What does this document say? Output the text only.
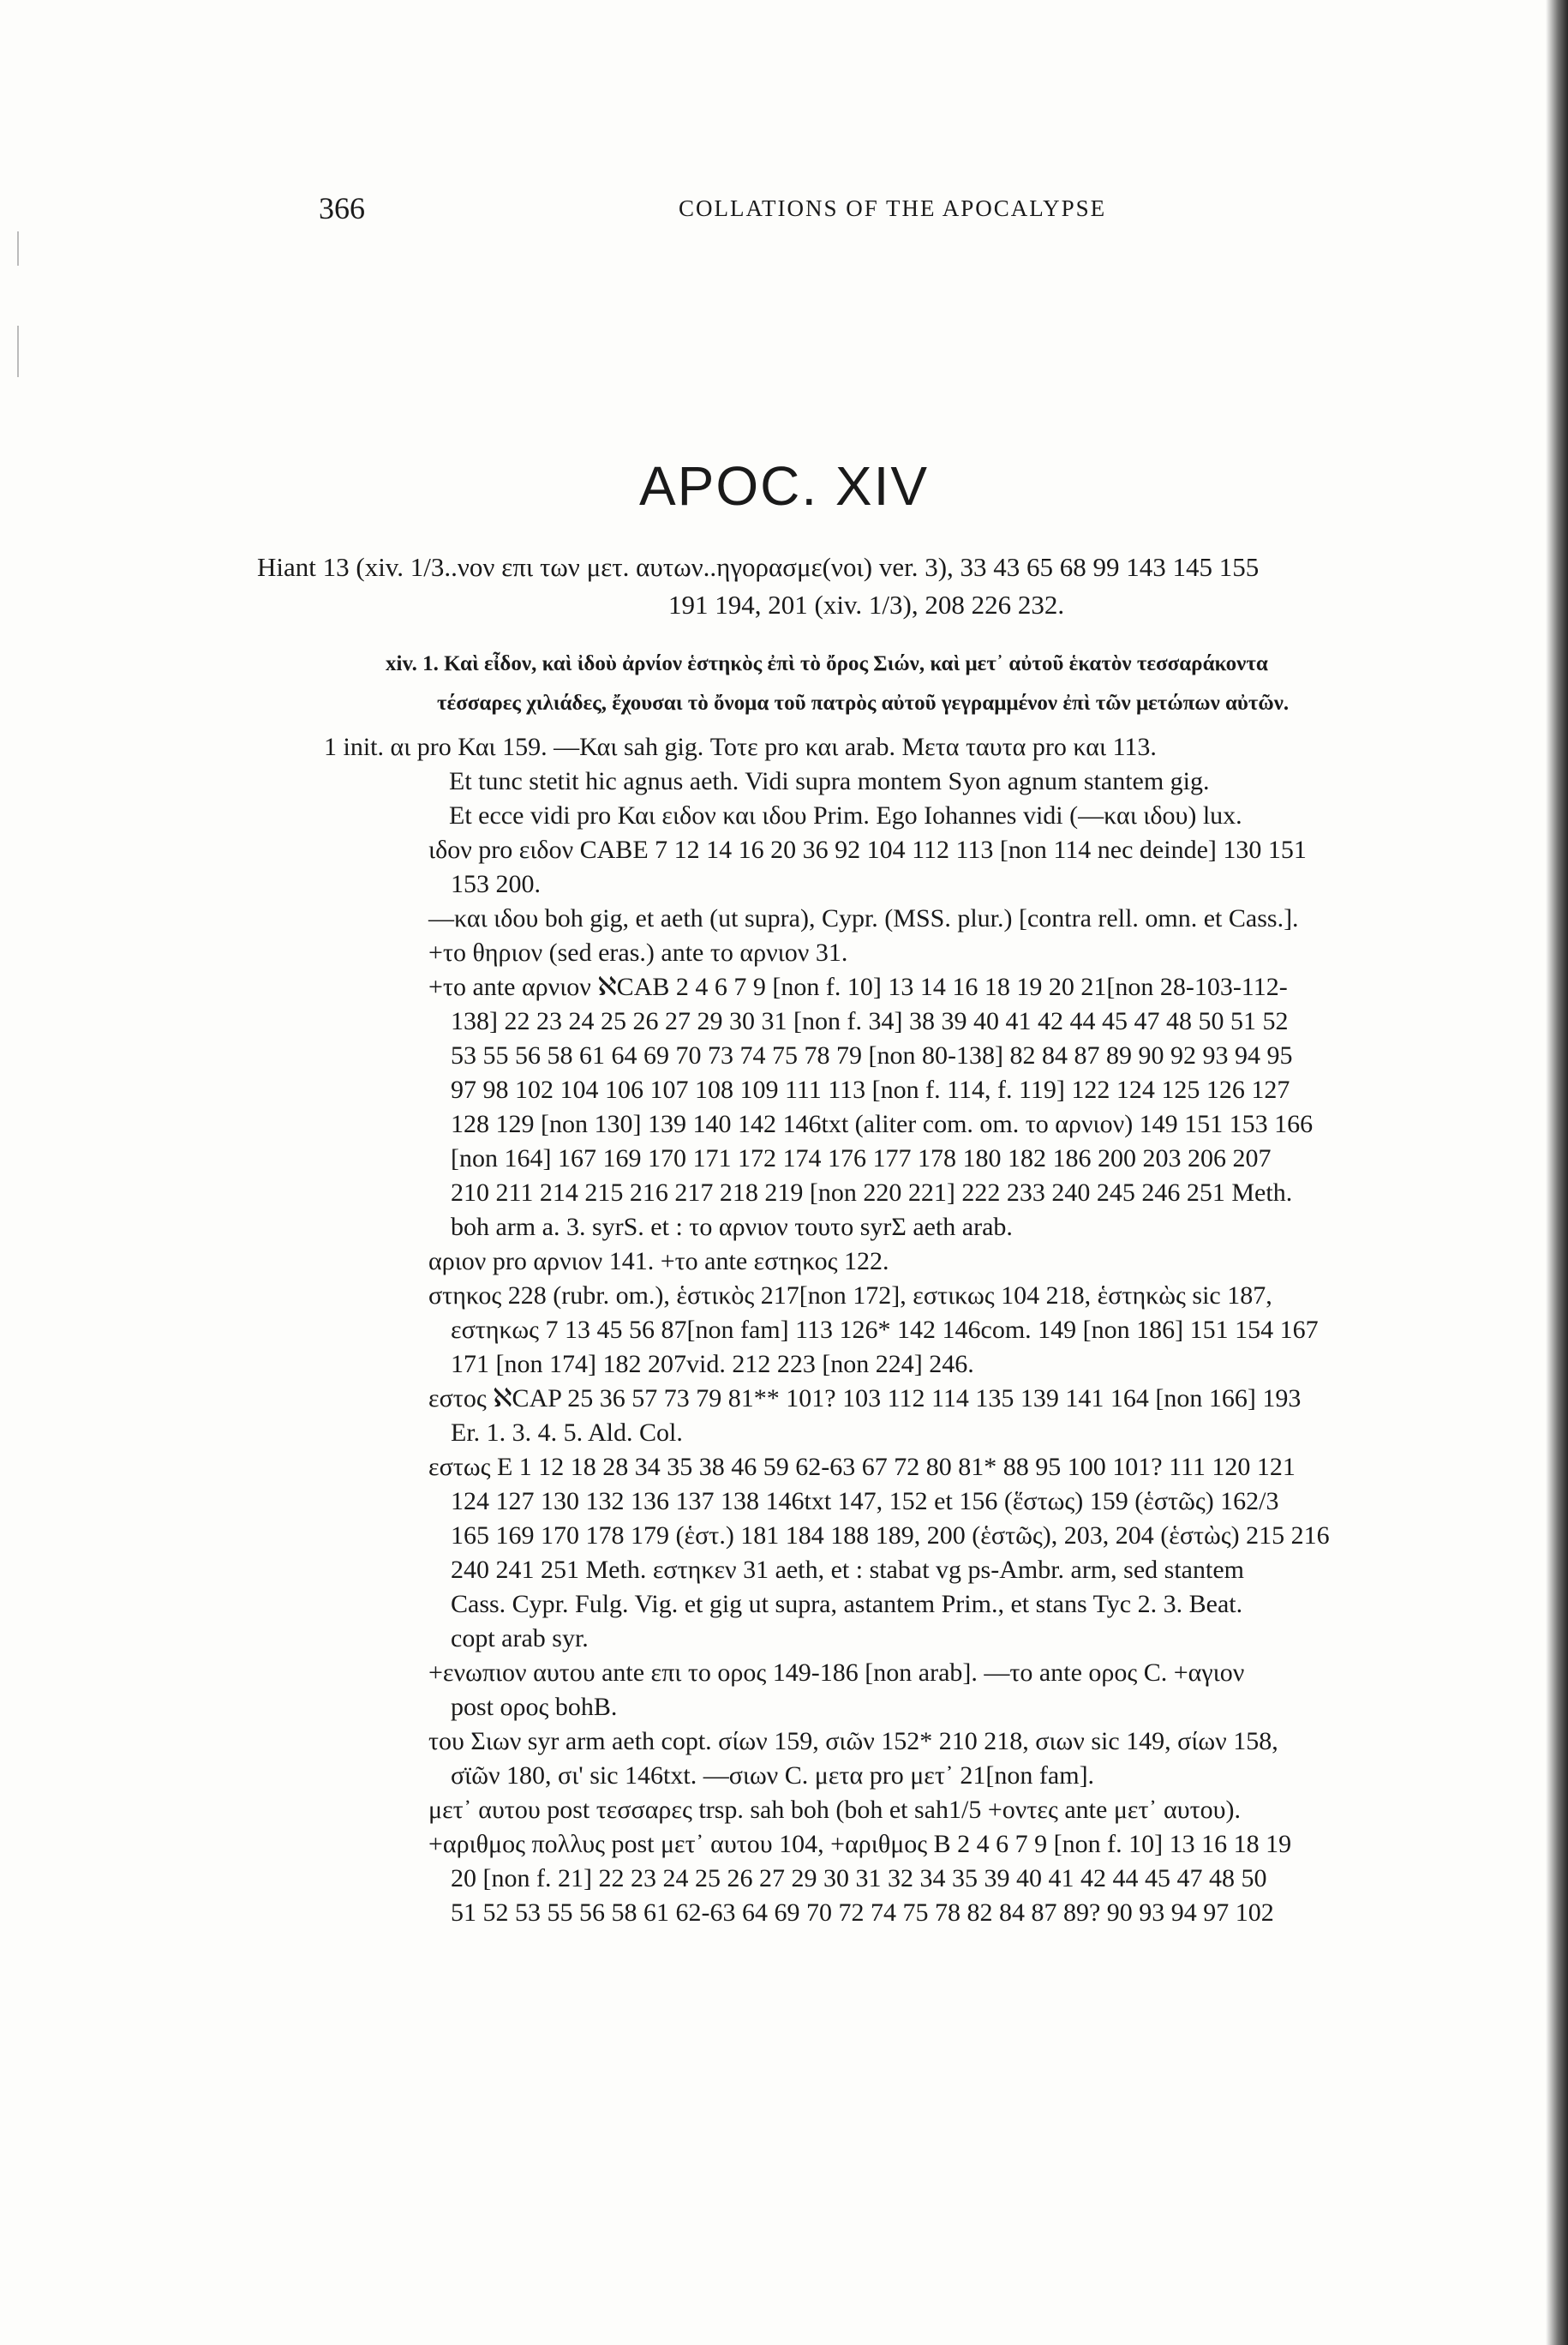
366	COLLATIONS OF THE APOCALYPSE
APOC. XIV
Hiant 13 (xiv. 1/3..νον επι των μετ. αυτων..ηγορασμε(νοι) ver. 3), 33 43 65 68 99 143 145 155
191 194, 201 (xiv. 1/3), 208 226 232.
xiv. 1. Καὶ εἶδον, καὶ ἰδοὺ ἀρνίον ἑστηκὸς ἐπὶ τὸ ὄρος Σιών, καὶ μετ᾽ αὐτοῦ ἑκατὸν τεσσαράκοντα
τέσσαρες χιλιάδες, ἔχουσαι τὸ ὄνομα τοῦ πατρὸς αὐτοῦ γεγραμμένον ἐπὶ τῶν μετώπων αὐτῶν.
1 init. αι pro Και 159. —Και sah gig. Τοτε pro και arab. Μετα ταυτα pro και 113.
Et tunc stetit hic agnus aeth. Vidi supra montem Syon agnum stantem gig.
Et ecce vidi pro Και ειδον και ιδου Prim. Ego Iohannes vidi (—και ιδου) lux.
ιδον pro ειδον CABE 7 12 14 16 20 36 92 104 112 113 [non 114 nec deinde] 130 151
153 200.
—και ιδου boh gig, et aeth (ut supra), Cypr. (MSS. plur.) [contra rell. omn. et Cass.].
+το θηριον (sed eras.) ante το αρνιον 31.
+το ante αρνιον ℵCAB 2 4 6 7 9 [non f. 10] 13 14 16 18 19 20 21[non 28-103-112-
138] 22 23 24 25 26 27 29 30 31 [non f. 34] 38 39 40 41 42 44 45 47 48 50 51 52
53 55 56 58 61 64 69 70 73 74 75 78 79 [non 80-138] 82 84 87 89 90 92 93 94 95
97 98 102 104 106 107 108 109 111 113 [non f. 114, f. 119] 122 124 125 126 127
128 129 [non 130] 139 140 142 146txt (aliter com. om. το αρνιον) 149 151 153 166
[non 164] 167 169 170 171 172 174 176 177 178 180 182 186 200 203 206 207
210 211 214 215 216 217 218 219 [non 220 221] 222 233 240 245 246 251 Meth.
boh arm a. 3. syrS. et : το αρνιον τουτο syrΣ aeth arab.
αριον pro αρνιον 141. +το ante εστηκος 122.
στηκος 228 (rubr. om.), ἑστικὸς 217[non 172], εστικως 104 218, ἑστηκὼς sic 187,
εστηκως 7 13 45 56 87[non fam] 113 126* 142 146com. 149 [non 186] 151 154 167
171 [non 174] 182 207vid. 212 223 [non 224] 246.
εστος ℵCAP 25 36 57 73 79 81** 101? 103 112 114 135 139 141 164 [non 166] 193
Er. 1. 3. 4. 5. Ald. Col.
εστως E 1 12 18 28 34 35 38 46 59 62-63 67 72 80 81* 88 95 100 101? 111 120 121
124 127 130 132 136 137 138 146txt 147, 152 et 156 (ἕστως) 159 (ἑστῶς) 162/3
165 169 170 178 179 (ἑστ.) 181 184 188 189, 200 (ἑστῶς), 203, 204 (ἑστὼς) 215 216
240 241 251 Meth. εστηκεν 31 aeth, et : stabat vg ps-Ambr. arm, sed stantem
Cass. Cypr. Fulg. Vig. et gig ut supra, astantem Prim., et stans Tyc 2. 3. Beat.
copt arab syr.
+ενωπιον αυτου ante επι το ορος 149-186 [non arab]. —το ante ορος C. +αγιον
post ορος bohB.
του Σιων syr arm aeth copt. σίων 159, σιῶν 152* 210 218, σιων sic 149, σίων 158,
σϊῶν 180, σι' sic 146txt. —σιων C. μετα pro μετ᾽ 21[non fam].
μετ᾽ αυτου post τεσσαρες trsp. sah boh (boh et sah1/5 +οντες ante μετ᾽ αυτου).
+αριθμος πολλυς post μετ᾽ αυτου 104, +αριθμος B 2 4 6 7 9 [non f. 10] 13 16 18 19
20 [non f. 21] 22 23 24 25 26 27 29 30 31 32 34 35 39 40 41 42 44 45 47 48 50
51 52 53 55 56 58 61 62-63 64 69 70 72 74 75 78 82 84 87 89? 90 93 94 97 102
